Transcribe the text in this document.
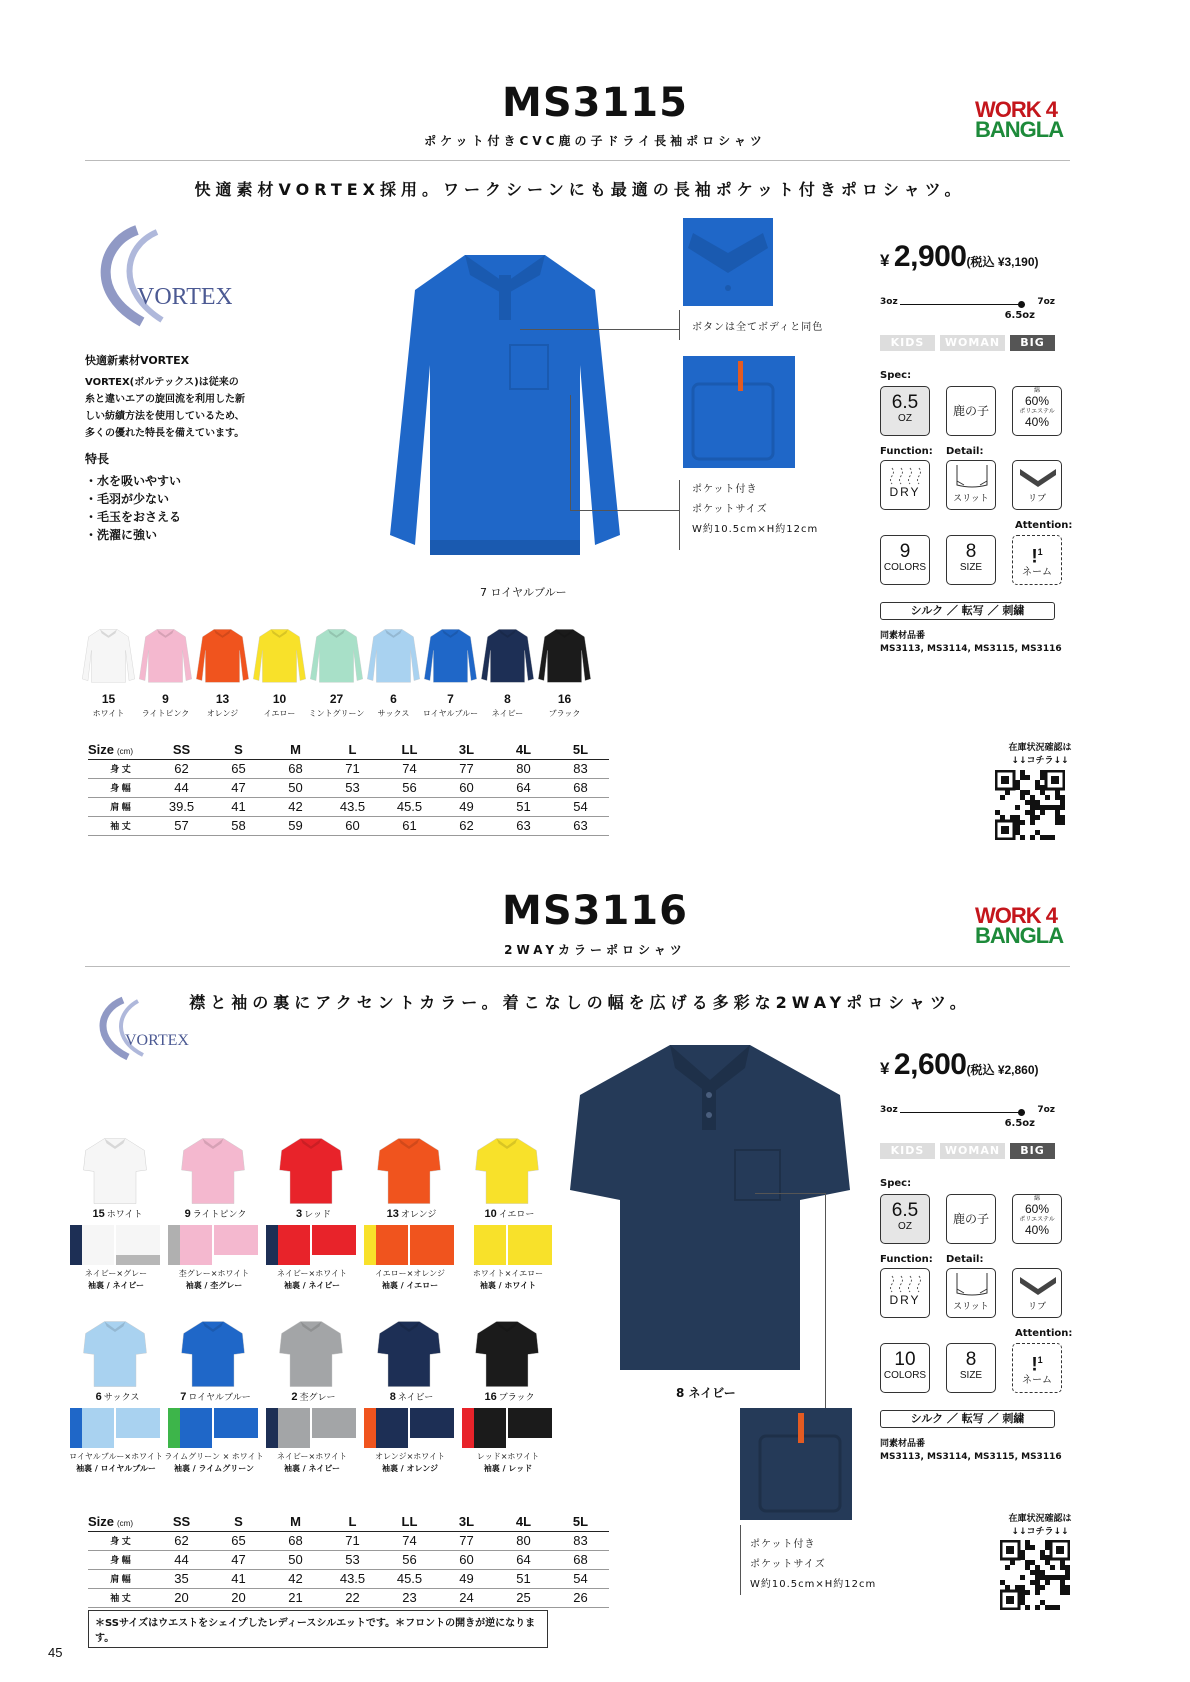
MS3115
ポケット付きCVC鹿の子ドライ長袖ポロシャツ
WORK 4
BANGLA
快適素材VORTEX採用。ワークシーンにも最適の長袖ポケット付きポロシャツ。
VORTEX
快適新素材VORTEX
VORTEX(ボルテックス)は従来の
糸と違いエアの旋回流を利用した新
しい紡績方法を使用しているため、
多くの優れた特長を備えています。
特長
・水を吸いやすい
・毛羽が少ない
・毛玉をおさえる
・洗濯に強い
7 ロイヤルブルー
ボタンは全てボディと同色
ポケット付き
ポケットサイズ
W約10.5cm×H約12cm
¥ 2,900(税込 ¥3,190)
3oz	7oz
6.5oz
KIDS	WOMAN	BIG
Spec:
6.5
OZ
鹿の子
綿
60%
ポリエステル
40%
Function: Detail:
DRY	スリット	リブ
Attention:
9
COLORS
8
SIZE
!$^1$
ネーム
シルク ／ 転写 ／ 刺繍
同素材品番
MS3113, MS3114, MS3115, MS3116
15
ホワイト
9
ライトピンク
13
オレンジ
10
イエロー
27
ミントグリーン
6
サックス
7
ロイヤルブルー
8
ネイビー
16
ブラック
Size (cm)	SS	S	M	L	LL	3L	4L	5L
身 丈	62	65	68	71	74	77	80	83
身 幅	44	47	50	53	56	60	64	68
肩 幅	39.5	41	42	43.5	45.5	49	51	54
袖 丈	57	58	59	60	61	62	63	63
在庫状況確認は
↓↓コチラ↓↓
MS3116
2WAYカラーポロシャツ
WORK 4
BANGLA
襟と袖の裏にアクセントカラー。着こなしの幅を広げる多彩な2WAYポロシャツ。
VORTEX
8 ネイビー
ポケット付き
ポケットサイズ
W約10.5cm×H約12cm
¥ 2,600(税込 ¥2,860)
3oz	7oz
6.5oz
KIDS	WOMAN	BIG
Spec:
6.5
OZ
鹿の子
綿
60%
ポリエステル
40%
Function: Detail:
DRY	スリット	リブ
Attention:
10
COLORS
8
SIZE
!$^1$
ネーム
シルク ／ 転写 ／ 刺繍
同素材品番
MS3113, MS3114, MS3115, MS3116
15 ホワイト
ネイビー×グレー
袖裏 / ネイビー
9 ライトピンク
杢グレー×ホワイト
袖裏 / 杢グレー
3 レッド
ネイビー×ホワイト
袖裏 / ネイビー
13 オレンジ
イエロー×オレンジ
袖裏 / イエロー
10 イエロー
ホワイト×イエロー
袖裏 / ホワイト
6 サックス
ロイヤルブルー×ホワイト
袖裏 / ロイヤルブルー
7 ロイヤルブルー
ライムグリーン × ホワイト
袖裏 / ライムグリーン
2 杢グレー
ネイビー×ホワイト
袖裏 / ネイビー
8 ネイビー
オレンジ×ホワイト
袖裏 / オレンジ
16 ブラック
レッド×ホワイト
袖裏 / レッド
Size (cm)	SS	S	M	L	LL	3L	4L	5L
身 丈	62	65	68	71	74	77	80	83
身 幅	44	47	50	53	56	60	64	68
肩 幅	35	41	42	43.5	45.5	49	51	54
袖 丈	20	20	21	22	23	24	25	26
＊SSサイズはウエストをシェイプしたレディースシルエットです。＊フロントの開きが逆になります。
在庫状況確認は
↓↓コチラ↓↓
45
